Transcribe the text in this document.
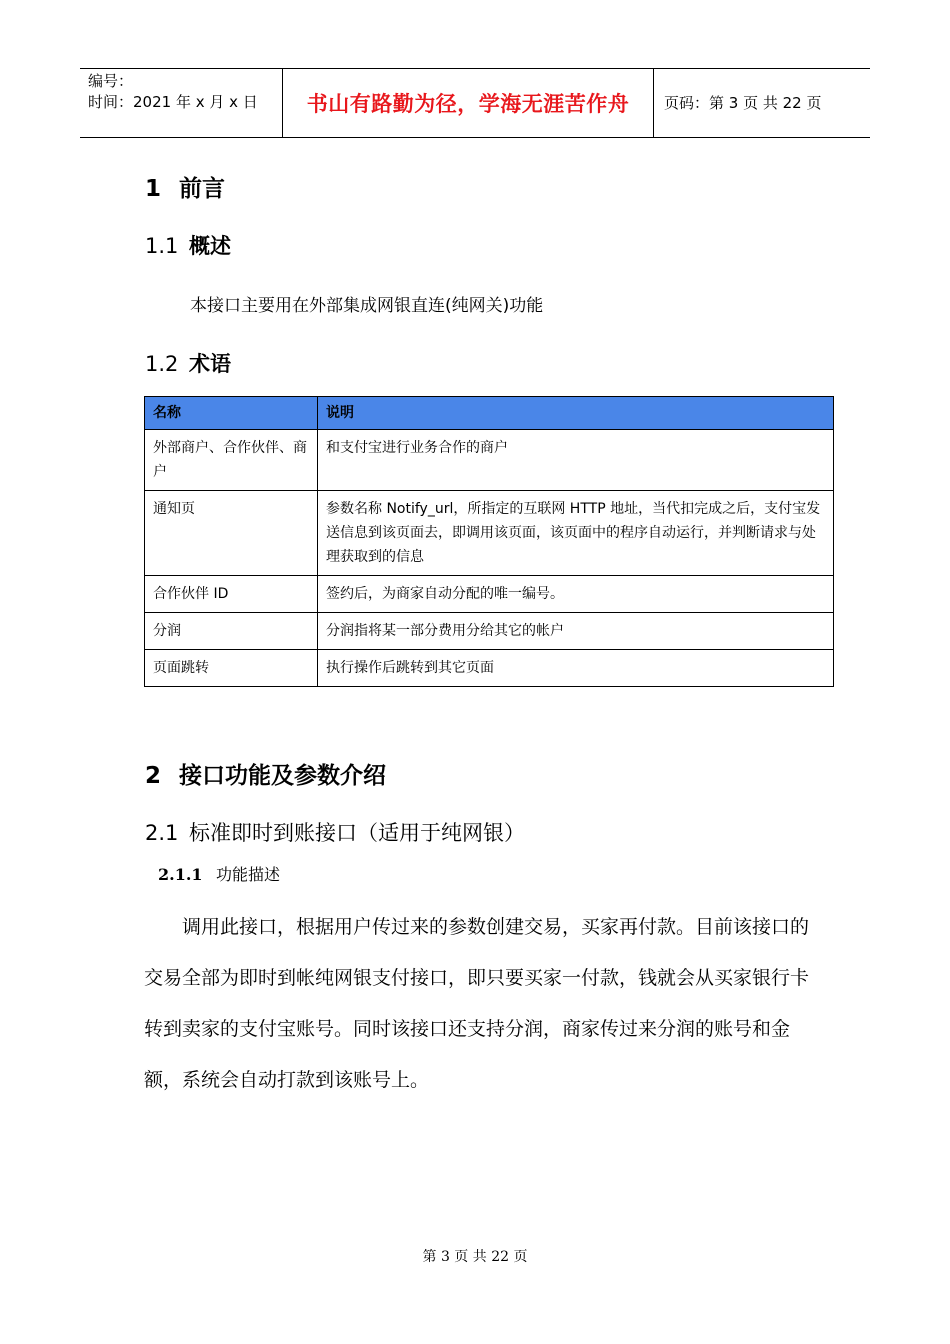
编号：
时间：2021 年 x 月 x 日	书山有路勤为径，学海无涯苦作舟	页码：第 3 页 共 22 页
1 前言
1.1 概述
本接口主要用在外部集成网银直连(纯网关)功能
1.2 术语
名称	说明
外部商户、合作伙伴、商户	和支付宝进行业务合作的商户
通知页	参数名称 Notify_url，所指定的互联网 HTTP 地址，当代扣完成之后，支付宝发送信息到该页面去，即调用该页面，该页面中的程序自动运行，并判断请求与处理获取到的信息
合作伙伴 ID	签约后，为商家自动分配的唯一编号。
分润	分润指将某一部分费用分给其它的帐户
页面跳转	执行操作后跳转到其它页面
2 接口功能及参数介绍
2.1 标准即时到账接口（适用于纯网银）
2.1.1 功能描述
调用此接口，根据用户传过来的参数创建交易，买家再付款。目前该接口的交易全部为即时到帐纯网银支付接口，即只要买家一付款，钱就会从买家银行卡转到卖家的支付宝账号。同时该接口还支持分润，商家传过来分润的账号和金额，系统会自动打款到该账号上。
第 3 页 共 22 页
